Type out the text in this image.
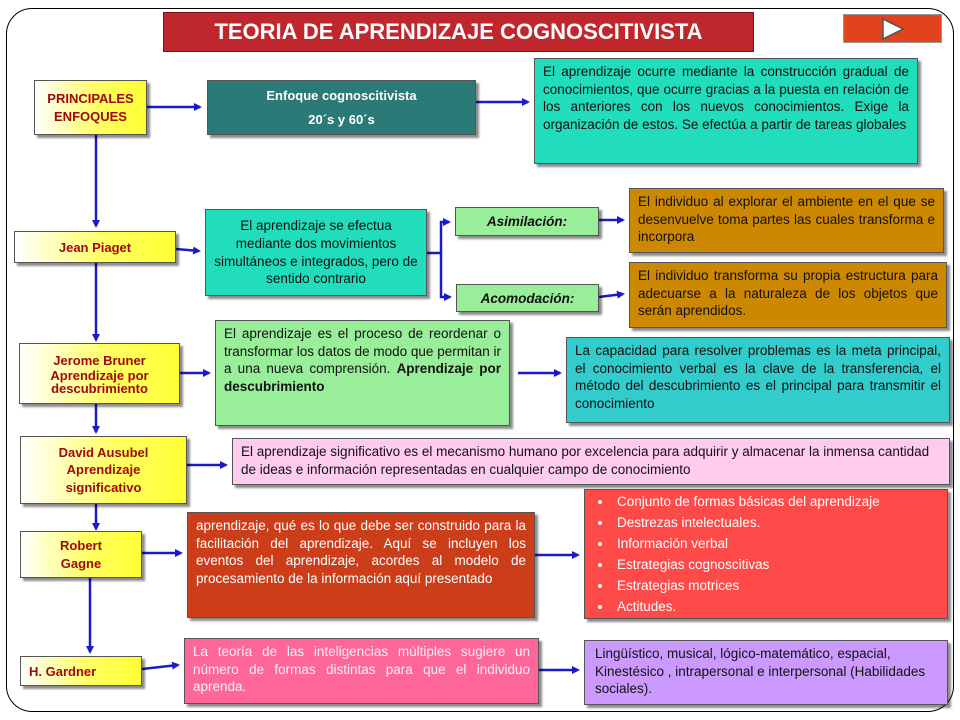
TEORIA DE APRENDIZAJE COGNOSCITIVISTA
PRINCIPALES
ENFOQUES
Enfoque cognoscitivista
20´s y 60´s
El aprendizaje ocurre mediante la construcción gradual de conocimientos, que ocurre gracias a la puesta en relación de los anteriores con los nuevos conocimientos. Exige la organización de estos. Se efectúa a partir de tareas globales
Jean Piaget
El aprendizaje se efectua mediante dos movimientos simultáneos e integrados, pero de sentido contrario
Asimilación:
El individuo al explorar el ambiente en el que se desenvuelve toma partes las cuales transforma e incorpora
Acomodación:
El individuo transforma su propia estructura para adecuarse a la naturaleza de los objetos que serán aprendidos.
Jerome Bruner
Aprendizaje por descubrimiento
El aprendizaje es el proceso de reordenar o transformar los datos de modo que permitan ir a una nueva comprensión. Aprendizaje por descubrimiento
La capacidad para resolver problemas es la meta principal, el conocimiento verbal es la clave de la transferencia, el método del descubrimiento es el principal para transmitir el conocimiento
David Ausubel
Aprendizaje significativo
El aprendizaje significativo es el mecanismo humano por excelencia para adquirir y almacenar la inmensa cantidad de ideas e información representadas en cualquier campo de conocimiento
Robert
Gagne
aprendizaje, qué es lo que debe ser construido para la facilitación del aprendizaje. Aquí se incluyen los eventos del aprendizaje, acordes al modelo de procesamiento de la información aquí presentado
• Conjunto de formas básicas del aprendizaje
• Destrezas intelectuales.
• Información verbal
• Estrategias cognoscitivas
• Estrategias motrices
• Actitudes.
H. Gardner
La teoría de las inteligencias múltiples sugiere un número de formas distintas para que el individuo aprenda.
Lingüístico, musical, lógico-matemático, espacial, Kinestésico , intrapersonal e interpersonal (Habilidades sociales).
